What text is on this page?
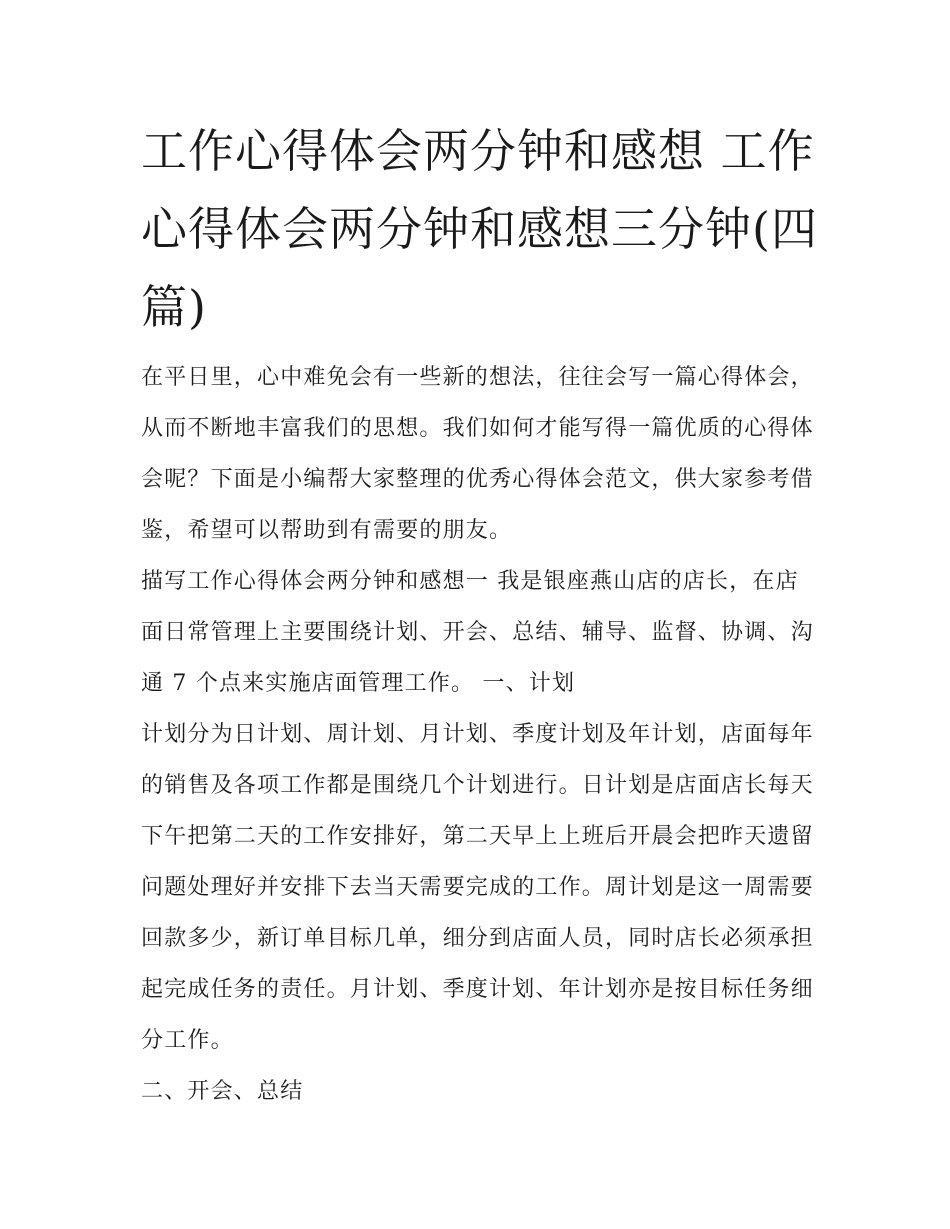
工作心得体会两分钟和感想 工作心得体会两分钟和感想三分钟(四篇)

在平日里，心中难免会有一些新的想法，往往会写一篇心得体会，从而不断地丰富我们的思想。我们如何才能写得一篇优质的心得体会呢？下面是小编帮大家整理的优秀心得体会范文，供大家参考借鉴，希望可以帮助到有需要的朋友。

描写工作心得体会两分钟和感想一 我是银座燕山店的店长，在店面日常管理上主要围绕计划、开会、总结、辅导、监督、协调、沟通 7 个点来实施店面管理工作。 一、计划

计划分为日计划、周计划、月计划、季度计划及年计划，店面每年的销售及各项工作都是围绕几个计划进行。日计划是店面店长每天下午把第二天的工作安排好，第二天早上上班后开晨会把昨天遗留问题处理好并安排下去当天需要完成的工作。周计划是这一周需要回款多少，新订单目标几单，细分到店面人员，同时店长必须承担起完成任务的责任。月计划、季度计划、年计划亦是按目标任务细分工作。

二、开会、总结
